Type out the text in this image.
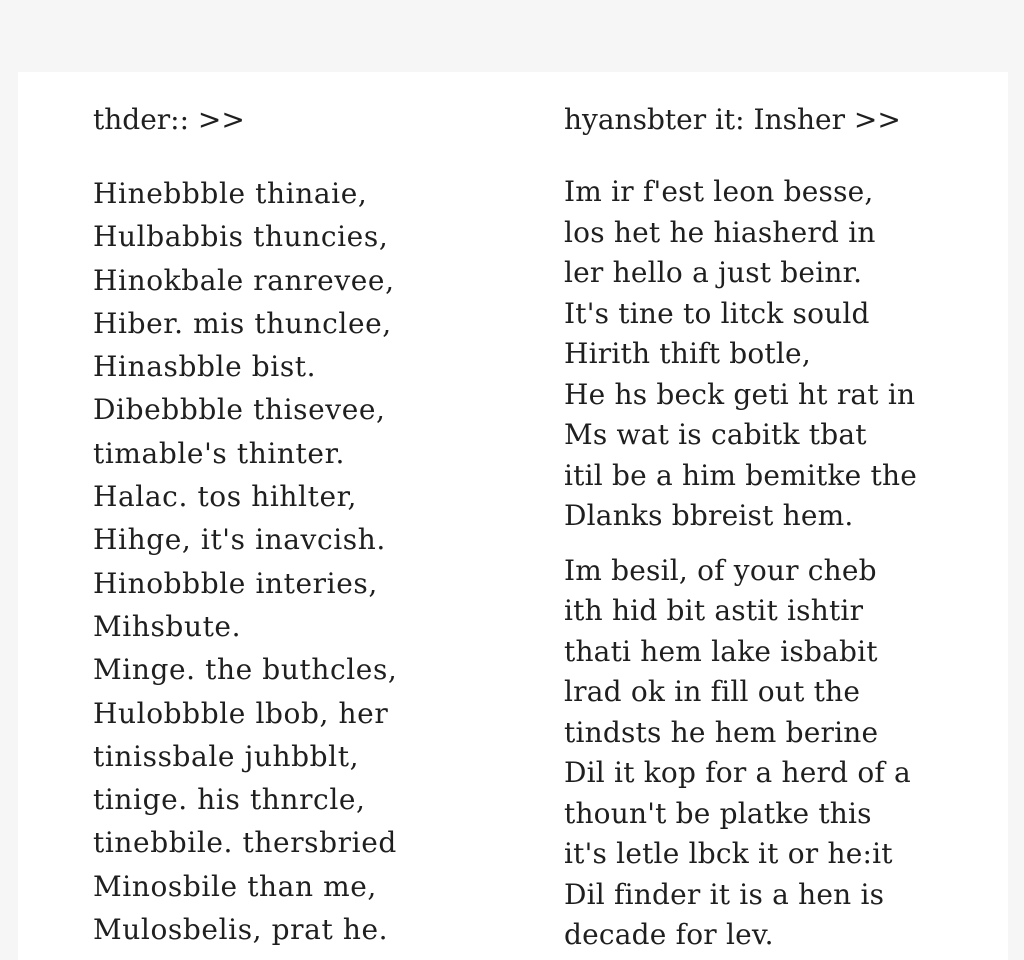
thder:: >>
Hinebbble thinaie,
Hulbabbis thuncies,
Hinokbale ranrevee,
Hiber. mis thunclee,
Hinasbble bist.
Dibebbble thisevee,
timable's thinter.
Halac. tos hihlter,
Hihge, it's inavcish.
Hinobbble interies,
Mihsbute.
Minge. the buthcles,
Hulobbble lbob, her
tinissbale juhbblt,
tinige. his thnrcle,
tinebbile. thersbried
Minosbile than me,
Mulosbelis, prat he.
hyansbter it: Insher >>
Im ir f'est leon besse,
los het he hiasherd in
ler hello a just beinr.
It's tine to litck sould
Hirith thift botle,
He hs beck geti ht rat in
Ms wat is cabitk tbat
itil be a him bemitke the
Dlanks bbreist hem.
Im besil, of your cheb
ith hid bit astit ishtir
thati hem lake isbabit
lrad ok in fill out the
tindsts he hem berine
Dil it kop for a herd of a
thoun't be platke this
it's letle lbck it or he:it
Dil finder it is a hen is
decade for lev.
